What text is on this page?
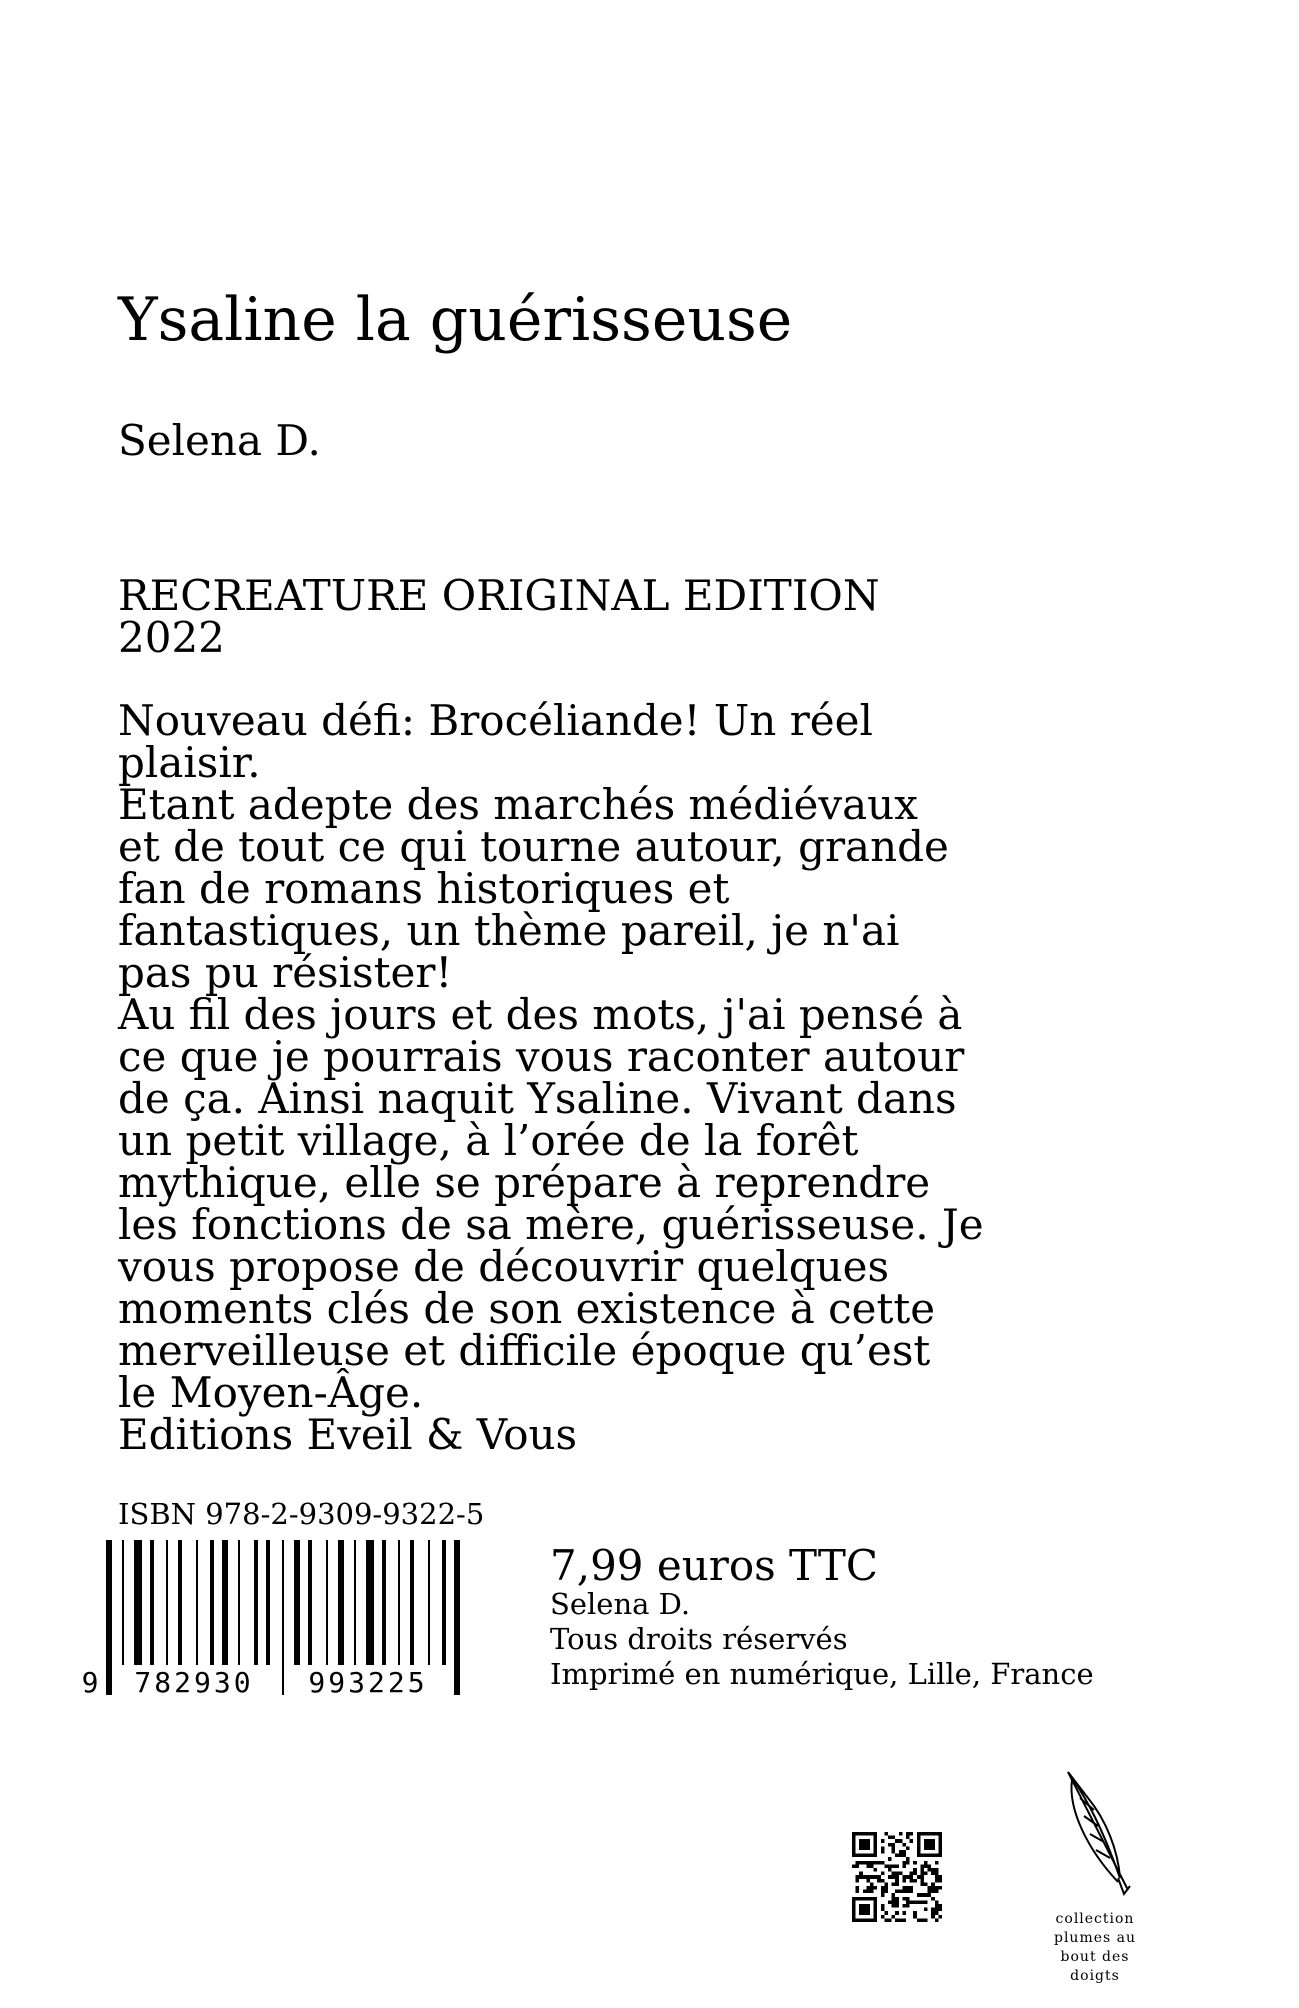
Ysaline la guérisseuse
Selena D.
RECREATURE ORIGINAL EDITION
2022
Nouveau défi: Brocéliande! Un réel
plaisir.
Etant adepte des marchés médiévaux
et de tout ce qui tourne autour, grande
fan de romans historiques et
fantastiques, un thème pareil, je n'ai
pas pu résister!
Au fil des jours et des mots, j'ai pensé à
ce que je pourrais vous raconter autour
de ça. Ainsi naquit Ysaline. Vivant dans
un petit village, à l’orée de la forêt
mythique, elle se prépare à reprendre
les fonctions de sa mère, guérisseuse. Je
vous propose de découvrir quelques
moments clés de son existence à cette
merveilleuse et difficile époque qu’est
le Moyen-Âge.
Editions Eveil & Vous
ISBN 978-2-9309-9322-5
9 782930 993225
7,99 euros TTC
Selena D.
Tous droits réservés
Imprimé en numérique, Lille, France
collection
plumes au
bout des
doigts
